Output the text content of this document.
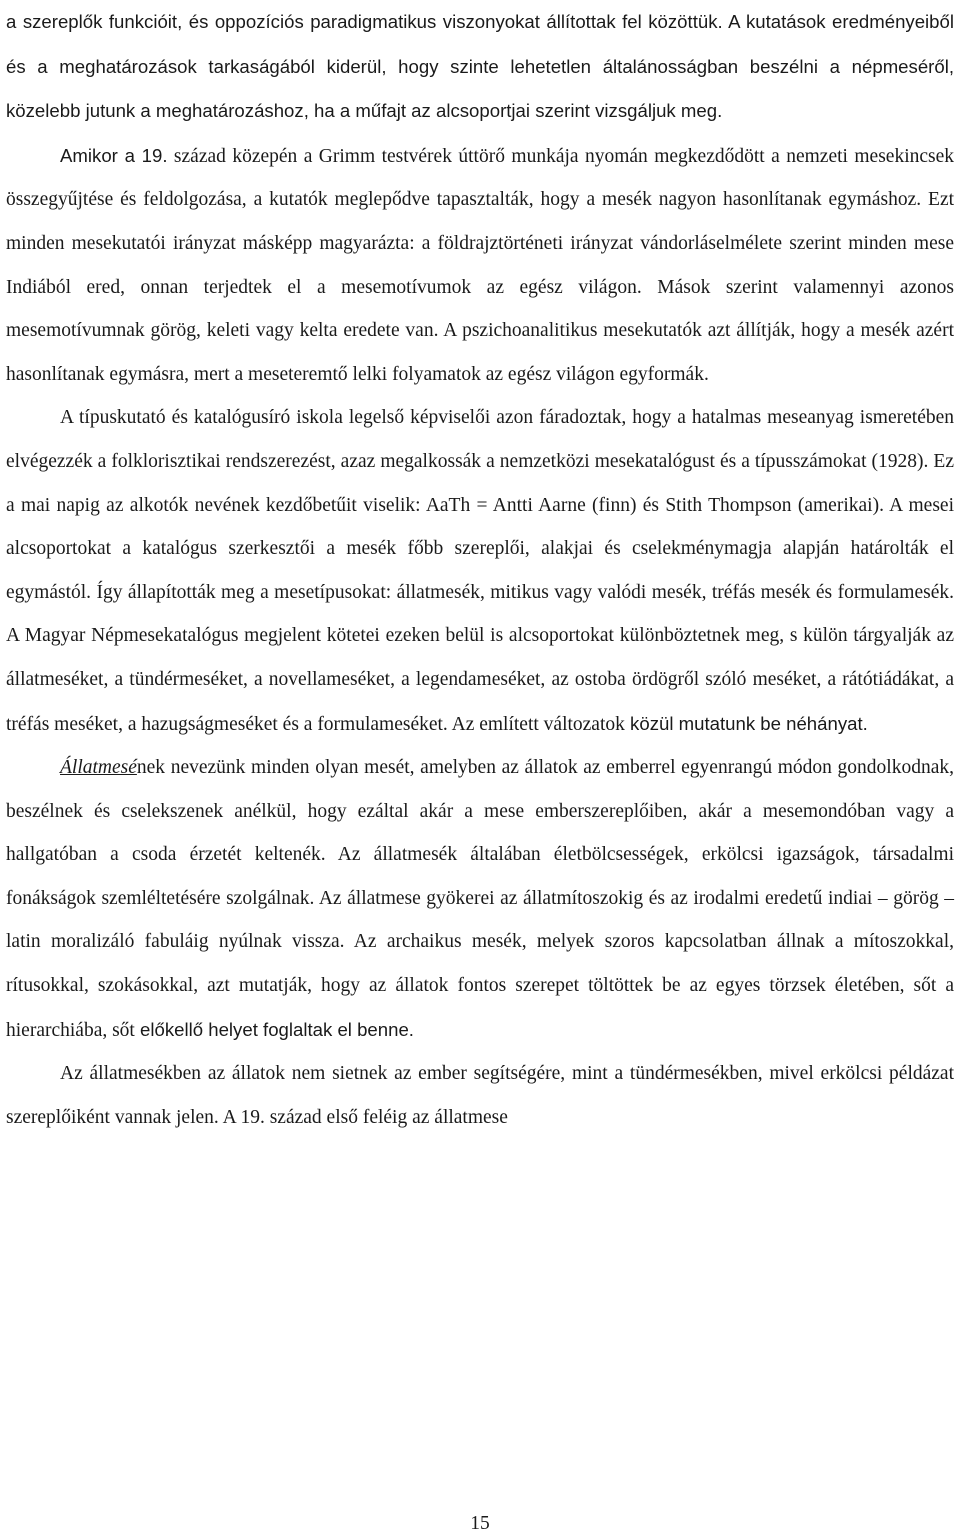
a szereplők funkcióit, és oppozíciós paradigmatikus viszonyokat állítottak fel közöttük. A kutatások eredményeiből és a meghatározások tarkaságából kiderül, hogy szinte lehetetlen általánosságban beszélni a népmeséről, közelebb jutunk a meghatározáshoz, ha a műfajt az alcsoportjai szerint vizsgáljuk meg.

Amikor a 19. század közepén a Grimm testvérek úttörő munkája nyomán megkezdődött a nemzeti mesekincsek összegyűjtése és feldolgozása, a kutatók meglepődve tapasztalták, hogy a mesék nagyon hasonlítanak egymáshoz. Ezt minden mesekutatói irányzat másképp magyarázta: a földrajztörténeti irányzat vándorláselmélete szerint minden mese Indiából ered, onnan terjedtek el a mesemotívumok az egész világon. Mások szerint valamennyi azonos mesemotívumnak görög, keleti vagy kelta eredete van. A pszichoanalitikus mesekutatók azt állítják, hogy a mesék azért hasonlítanak egymásra, mert a meseteremtő lelki folyamatok az egész világon egyformák.

A típuskutató és katalógusíró iskola legelső képviselői azon fáradoztak, hogy a hatalmas meseanyag ismeretében elvégezzék a folklorisztikai rendszerezést, azaz megalkossák a nemzetközi mesekatalógust és a típusszámokat (1928). Ez a mai napig az alkotók nevének kezdőbetűit viselik: AaTh = Antti Aarne (finn) és Stith Thompson (amerikai). A mesei alcsoportokat a katalógus szerkesztői a mesék főbb szereplői, alakjai és cselekménymagja alapján határolták el egymástól. Így állapították meg a mesetípusokat: állatmesék, mitikus vagy valódi mesék, tréfás mesék és formulamesék. A Magyar Népmesekatalógus megjelent kötetei ezeken belül is alcsoportokat különböztetnek meg, s külön tárgyalják az állatmeséket, a tündérmeséket, a novellameséket, a legendameséket, az ostoba ördögről szóló meséket, a rátótiádákat, a tréfás meséket, a hazugságmeséket és a formulameséket. Az említett változatok közül mutatunk be néhányat.

Állatmesének nevezünk minden olyan mesét, amelyben az állatok az emberrel egyenrangú módon gondolkodnak, beszélnek és cselekszenek anélkül, hogy ezáltal akár a mese emberszereplőiben, akár a mesemondóban vagy a hallgatóban a csoda érzetét keltenék. Az állatmesék általában életbölcsességek, erkölcsi igazságok, társadalmi fonákságok szemléltetésére szolgálnak. Az állatmese gyökerei az állatmítoszokig és az irodalmi eredetű indiai – görög – latin moralizáló fabuláig nyúlnak vissza. Az archaikus mesék, melyek szoros kapcsolatban állnak a mítoszokkal, rítusokkal, szokásokkal, azt mutatják, hogy az állatok fontos szerepet töltöttek be az egyes törzsek életében, sőt a hierarchiába, sőt előkellő helyet foglaltak el benne.

Az állatmesékben az állatok nem sietnek az ember segítségére, mint a tündérmesékben, mivel erkölcsi példázat szereplőiként vannak jelen. A 19. század első feléig az állatmese

15
